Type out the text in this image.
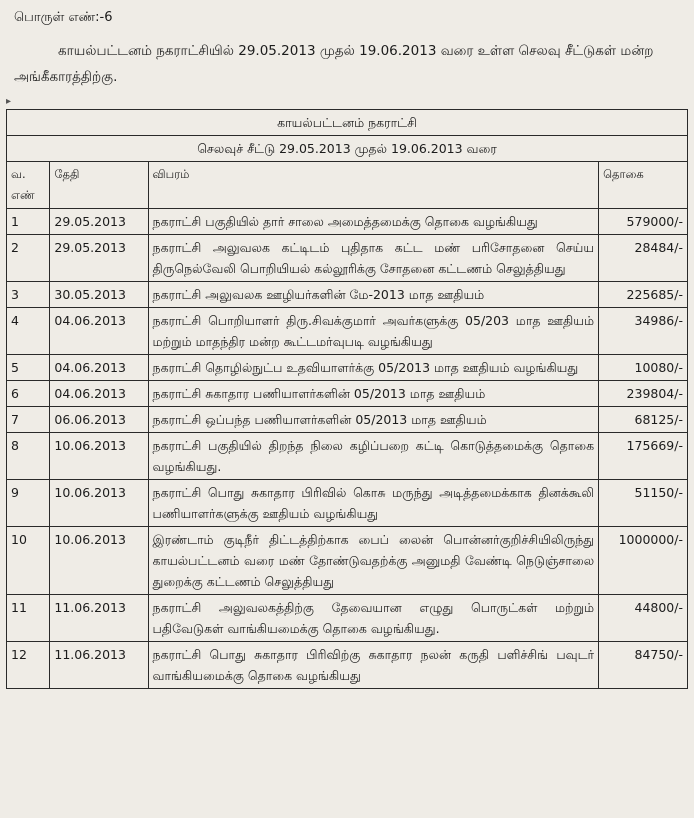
பொருள் எண்:-6
காயல்பட்டனம் நகராட்சியில் 29.05.2013 முதல் 19.06.2013 வரை உள்ள செலவு சீட்டுகள் மன்ற அங்கீகாரத்திற்கு.
▸
காயல்பட்டனம் நகராட்சி			
செலவுச் சீட்டு 29.05.2013 முதல் 19.06.2013 வரை			
வ. எண்	தேதி	விபரம்	தொகை
1	29.05.2013	நகராட்சி பகுதியில் தார் சாலை அமைத்தமைக்கு தொகை வழங்கியது	579000/-
2	29.05.2013	நகராட்சி அலுவலக கட்டிடம் புதிதாக கட்ட மண் பரிசோதனை செய்ய திருநெல்வேலி பொறியியல் கல்லூரிக்கு சோதனை கட்டணம் செலுத்தியது	28484/-
3	30.05.2013	நகராட்சி அலுவலக ஊழியர்களின் மே-2013 மாத ஊதியம்	225685/-
4	04.06.2013	நகராட்சி பொறியாளர் திரு.சிவக்குமார் அவர்களுக்கு 05/203 மாத ஊதியம் மற்றும் மாதந்திர மன்ற கூட்டமர்வுபடி வழங்கியது	34986/-
5	04.06.2013	நகராட்சி தொழில்நுட்ப உதவியாளர்க்கு 05/2013 மாத ஊதியம் வழங்கியது	10080/-
6	04.06.2013	நகராட்சி சுகாதார பணியாளர்களின் 05/2013 மாத ஊதியம்	239804/-
7	06.06.2013	நகராட்சி ஒப்பந்த பணியாளர்களின் 05/2013 மாத ஊதியம்	68125/-
8	10.06.2013	நகராட்சி பகுதியில் திறந்த நிலை கழிப்பறை கட்டி கொடுத்தமைக்கு தொகை வழங்கியது.	175669/-
9	10.06.2013	நகராட்சி பொது சுகாதார பிரிவில் கொசு மருந்து அடித்தமைக்காக தினக்கூலி பணியாளர்களுக்கு ஊதியம் வழங்கியது	51150/-
10	10.06.2013	இரண்டாம் குடிநீர் திட்டத்திற்காக பைப் லைன் பொன்னர்குறிச்சியிலிருந்து காயல்பட்டனம் வரை மண் தோண்டுவதற்க்கு அனுமதி வேண்டி நெடுஞ்சாலை துறைக்கு கட்டணம் செலுத்தியது	1000000/-
11	11.06.2013	நகராட்சி அலுவலகத்திற்கு தேவையான எழுது பொருட்கள் மற்றும் பதிவேடுகள் வாங்கியமைக்கு தொகை வழங்கியது.	44800/-
12	11.06.2013	நகராட்சி பொது சுகாதார பிரிவிற்கு சுகாதார நலன் கருதி பளிச்சிங் பவுடர் வாங்கியமைக்கு தொகை வழங்கியது	84750/-
